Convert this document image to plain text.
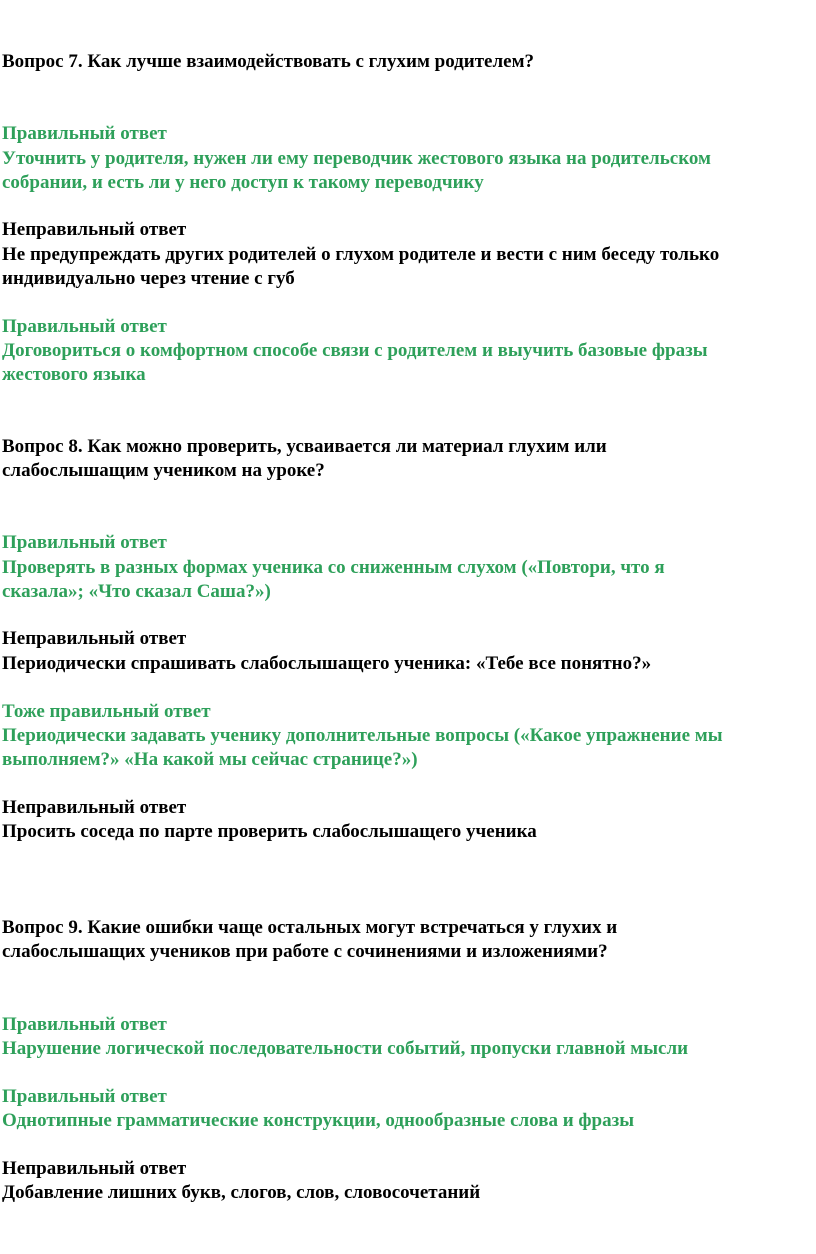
Вопрос 7. Как лучше взаимодействовать с глухим родителем?
Правильный ответ
Уточнить у родителя, нужен ли ему переводчик жестового языка на родительском
собрании, и есть ли у него доступ к такому переводчику
Неправильный ответ
Не предупреждать других родителей о глухом родителе и вести с ним беседу только
индивидуально через чтение с губ
Правильный ответ
Договориться о комфортном способе связи с родителем и выучить базовые фразы
жестового языка
Вопрос 8. Как можно проверить, усваивается ли материал глухим или
слабослышащим учеником на уроке?
Правильный ответ
Проверять в разных формах ученика со сниженным слухом («Повтори, что я
сказала»; «Что сказал Саша?»)
Неправильный ответ
Периодически спрашивать слабослышащего ученика: «Тебе все понятно?»
Тоже правильный ответ
Периодически задавать ученику дополнительные вопросы («Какое упражнение мы
выполняем?» «На какой мы сейчас странице?»)
Неправильный ответ
Просить соседа по парте проверить слабослышащего ученика
Вопрос 9. Какие ошибки чаще остальных могут встречаться у глухих и
слабослышащих учеников при работе с сочинениями и изложениями?
Правильный ответ
Нарушение логической последовательности событий, пропуски главной мысли
Правильный ответ
Однотипные грамматические конструкции, однообразные слова и фразы
Неправильный ответ
Добавление лишних букв, слогов, слов, словосочетаний
